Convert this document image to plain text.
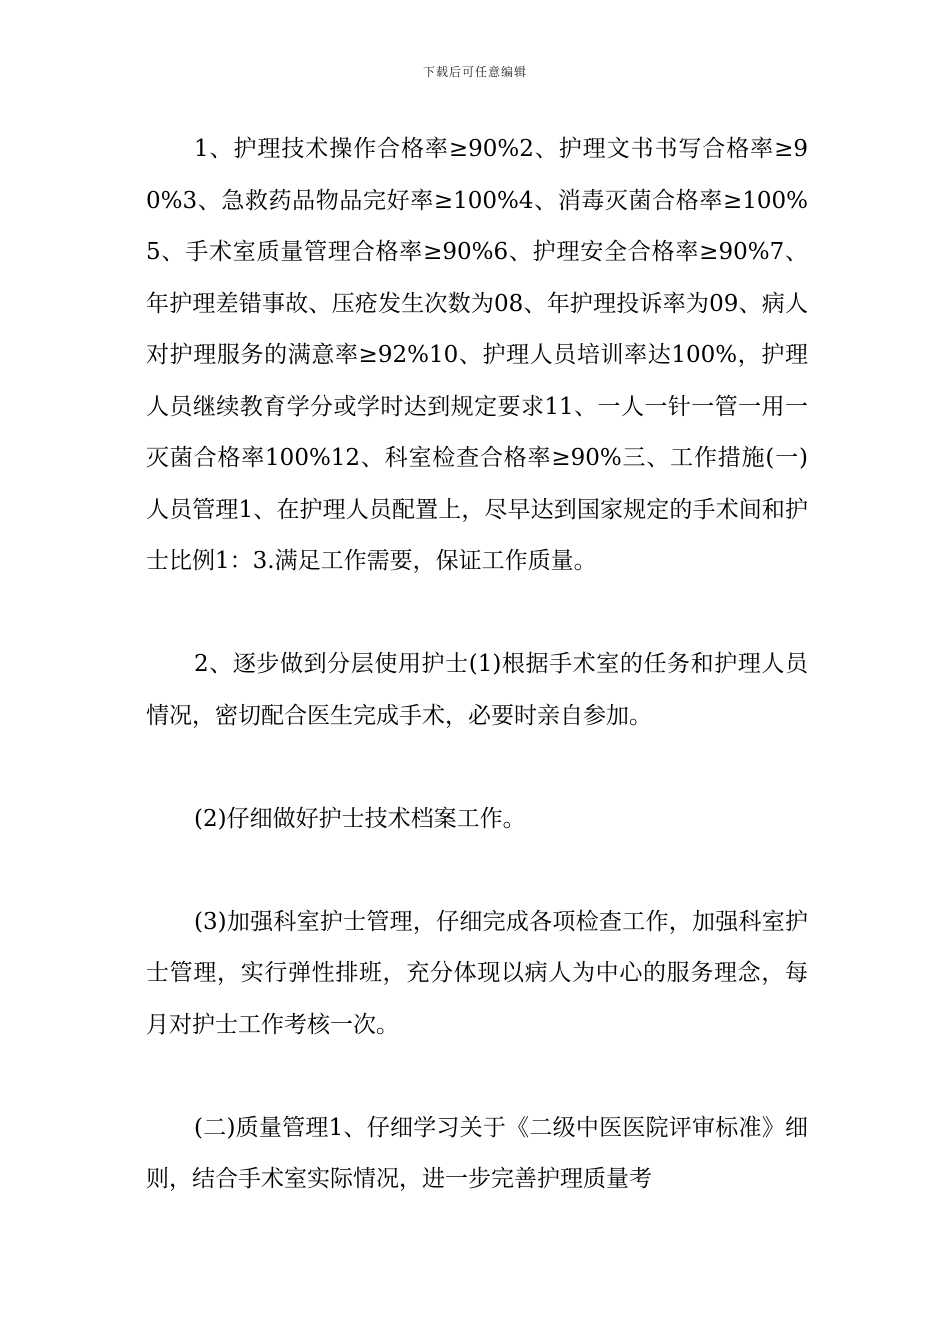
下载后可任意编辑

1、护理技术操作合格率≥90%2、护理文书书写合格率≥90%3、急救药品物品完好率≥100%4、消毒灭菌合格率≥100%5、手术室质量管理合格率≥90%6、护理安全合格率≥90%7、年护理差错事故、压疮发生次数为08、年护理投诉率为09、病人对护理服务的满意率≥92%10、护理人员培训率达100%，护理人员继续教育学分或学时达到规定要求11、一人一针一管一用一灭菌合格率100%12、科室检查合格率≥90%三、工作措施(一)人员管理1、在护理人员配置上，尽早达到国家规定的手术间和护士比例1：3.满足工作需要，保证工作质量。

2、逐步做到分层使用护士(1)根据手术室的任务和护理人员情况，密切配合医生完成手术，必要时亲自参加。

(2)仔细做好护士技术档案工作。

(3)加强科室护士管理，仔细完成各项检查工作，加强科室护士管理，实行弹性排班，充分体现以病人为中心的服务理念，每月对护士工作考核一次。

(二)质量管理1、仔细学习关于《二级中医医院评审标准》细则，结合手术室实际情况，进一步完善护理质量考
